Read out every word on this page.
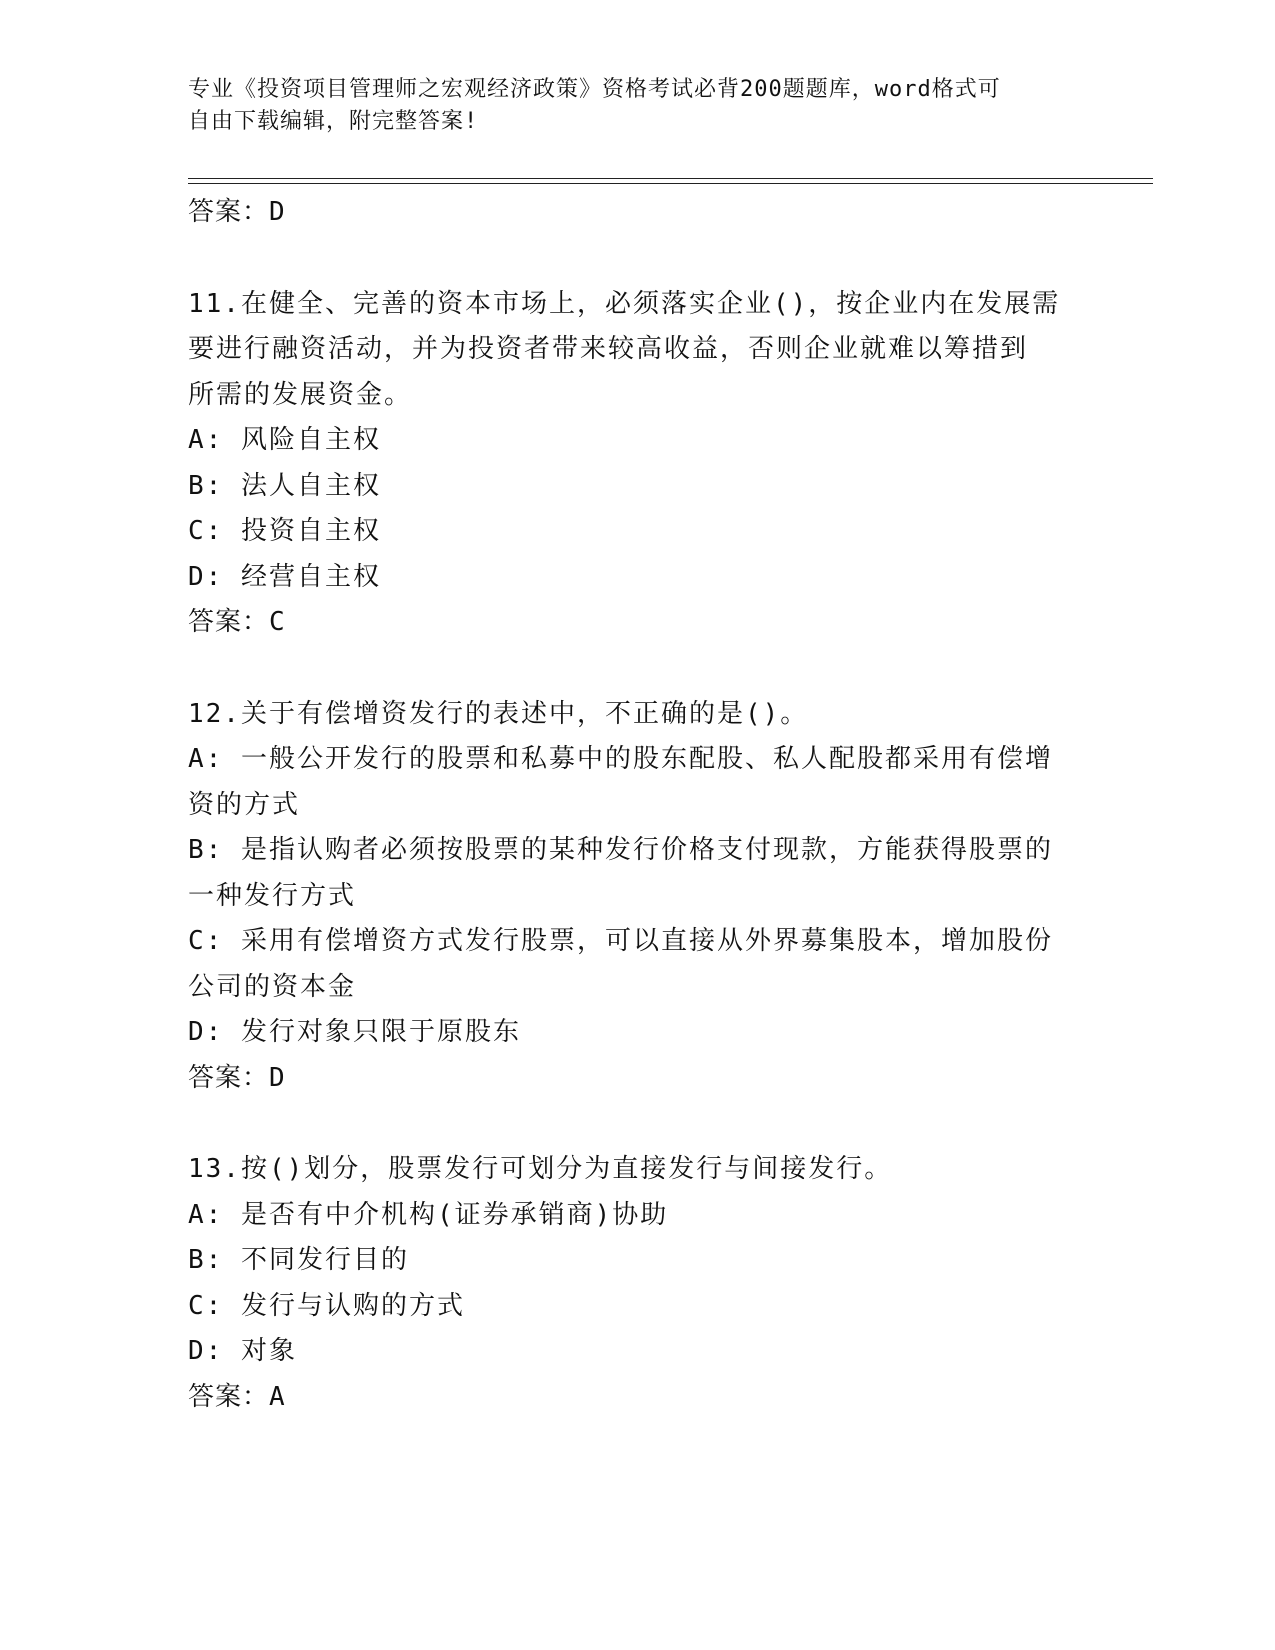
专业《投资项目管理师之宏观经济政策》资格考试必背200题题库，word格式可
自由下载编辑，附完整答案!
答案：D
11.在健全、完善的资本市场上，必须落实企业()，按企业内在发展需
要进行融资活动，并为投资者带来较高收益，否则企业就难以筹措到
所需的发展资金。
A: 风险自主权
B: 法人自主权
C: 投资自主权
D: 经营自主权
答案：C
12.关于有偿增资发行的表述中，不正确的是()。
A: 一般公开发行的股票和私募中的股东配股、私人配股都采用有偿增
资的方式
B: 是指认购者必须按股票的某种发行价格支付现款，方能获得股票的
一种发行方式
C: 采用有偿增资方式发行股票，可以直接从外界募集股本，增加股份
公司的资本金
D: 发行对象只限于原股东
答案：D
13.按()划分，股票发行可划分为直接发行与间接发行。
A: 是否有中介机构(证券承销商)协助
B: 不同发行目的
C: 发行与认购的方式
D: 对象
答案：A
